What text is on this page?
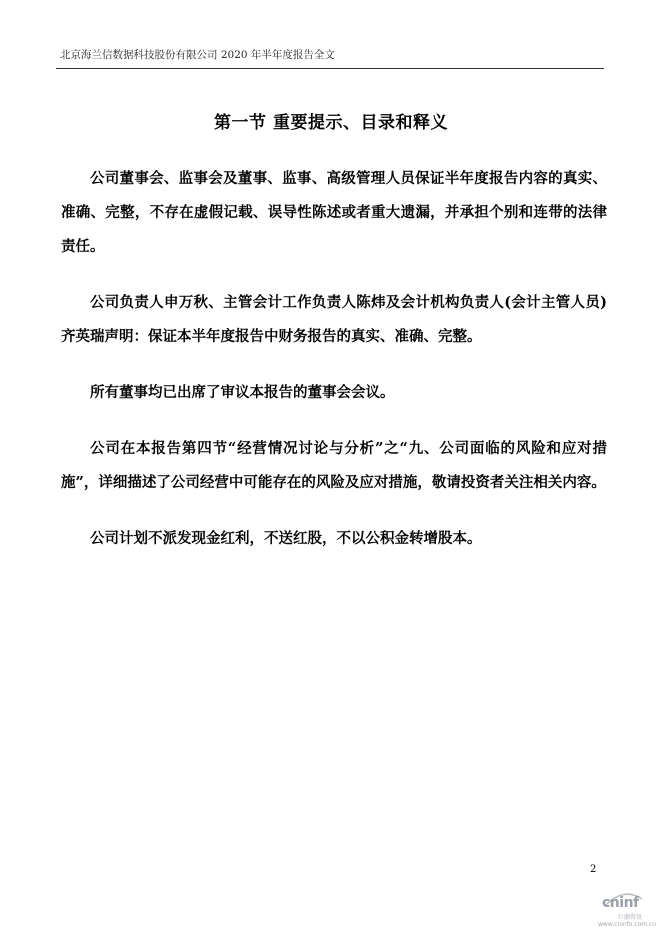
北京海兰信数据科技股份有限公司 2020 年半年度报告全文
第一节 重要提示、目录和释义

公司董事会、监事会及董事、监事、高级管理人员保证半年度报告内容的真实、准确、完整，不存在虚假记载、误导性陈述或者重大遗漏，并承担个别和连带的法律责任。

公司负责人申万秋、主管会计工作负责人陈炜及会计机构负责人(会计主管人员)齐英瑞声明：保证本半年度报告中财务报告的真实、准确、完整。

所有董事均已出席了审议本报告的董事会会议。

公司在本报告第四节“经营情况讨论与分析”之“九、公司面临的风险和应对措施”，详细描述了公司经营中可能存在的风险及应对措施，敬请投资者关注相关内容。

公司计划不派发现金红利，不送红股，不以公积金转增股本。

2
cninf
巨潮资讯
www.cninfo.com.cn
